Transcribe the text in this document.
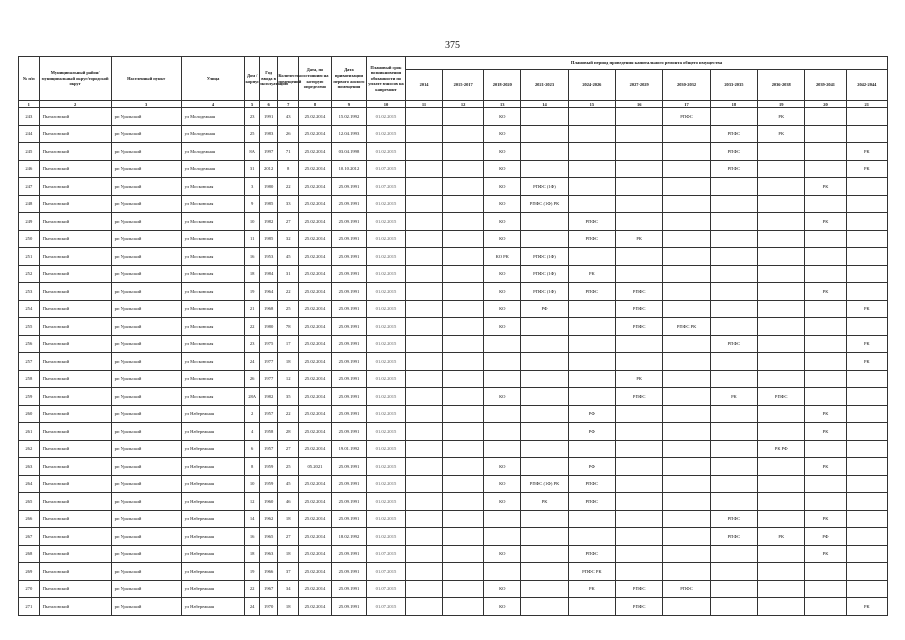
375
№ п/п	Муниципальный район/ муниципальный округ/городской округ	Населенный пункт	Улица	Дом / корпус	Год ввода в эксплуатацию	Количество помещений	Дата, по состоянию на которую определено	Дата приватизации первого жилого помещения	Плановый срок возникновения обязанности по уплате взносов на капремонт	Плановый период проведения капитального ремонта общего имущества										
										2014	2015-2017	2018-2020	2021-2023	2024-2026	2027-2029	2030-2032	2033-2035	2036-2038	2039-2041	2042-2044
1	2	3	4	5	6	7	8	9	10	11	12	13	14	15	16	17	18	19	20	21
243	Пыталовский	рп Уральский	ул Молодежная	23	1991	43	25.02.2014	15.02.1992	01.02.2015			КО				РПФС		РК		
244	Пыталовский	рп Уральский	ул Молодежная	25	1983	26	25.02.2014	12.04.1993	01.02.2015			КО					РПФС	РК		
245	Пыталовский	рп Уральский	ул Молодежная	8А	1997	71	25.02.2014	03.04.1998	01.02.2015			КО					РПФС			РК
246	Пыталовский	рп Уральский	ул Молодежная	31	2012	8	25.02.2014	10.10.2012	01.07.2015			КО					РПФС			РК
247	Пыталовский	рп Уральский	ул Московская	3	1980	22	25.02.2014	25.09.1991	01.07.2015			КО	РПФС (1Ф)						РК	
248	Пыталовский	рп Уральский	ул Московская	9	1985	33	25.02.2014	25.09.1991	01.02.2015			КО	РПФС (1Ф) РК							
249	Пыталовский	рп Уральский	ул Московская	10	1982	27	25.02.2014	25.09.1991	01.02.2015			КО		РПФС					РК	
250	Пыталовский	рп Уральский	ул Московская	11	1985	32	25.02.2014	25.09.1991	01.02.2015			КО		РПФС	РК					
251	Пыталовский	рп Уральский	ул Московская	16	1953	45	25.02.2014	25.09.1991	01.02.2015			КО РК	РПФС (1Ф)							
252	Пыталовский	рп Уральский	ул Московская	18	1984	31	25.02.2014	25.09.1991	01.02.2015			КО	РПФС (1Ф)	РК						
253	Пыталовский	рп Уральский	ул Московская	19	1964	22	25.02.2014	25.09.1991	01.02.2015			КО	РПФС (1Ф)	РПФС	РПФС				РК	
254	Пыталовский	рп Уральский	ул Московская	21	1968	25	25.02.2014	25.09.1991	01.02.2015			КО	РФ		РПФС					РК
255	Пыталовский	рп Уральский	ул Московская	22	1980	78	25.02.2014	25.09.1991	01.02.2015			КО			РПФС	РПФС РК				
256	Пыталовский	рп Уральский	ул Московская	23	1975	17	25.02.2014	25.09.1991	01.02.2015								РПФС			РК
257	Пыталовский	рп Уральский	ул Московская	24	1977	18	25.02.2014	25.09.1991	01.02.2015											РК
258	Пыталовский	рп Уральский	ул Московская	26	1977	12	25.02.2014	25.09.1991	01.02.2015						РК					
259	Пыталовский	рп Уральский	ул Московская	28А	1982	35	25.02.2014	25.09.1991	01.02.2015			КО			РПФС		РК	РПФС		
260	Пыталовский	рп Уральский	ул Набережная	2	1957	22	25.02.2014	25.09.1991	01.02.2015					РФ					РК	
261	Пыталовский	рп Уральский	ул Набережная	4	1958	28	25.02.2014	25.09.1991	01.02.2015					РФ					РК	
262	Пыталовский	рп Уральский	ул Набережная	6	1957	27	25.02.2014	19.01.1992	01.02.2015									РК РФ		
263	Пыталовский	рп Уральский	ул Набережная	8	1959	25	05.2021	25.09.1991	01.02.2015			КО		РФ					РК	
264	Пыталовский	рп Уральский	ул Набережная	10	1959	45	25.02.2014	25.09.1991	01.02.2015			КО	РПФС (1Ф) РК	РПФС						
265	Пыталовский	рп Уральский	ул Набережная	12	1960	46	25.02.2014	25.09.1991	01.02.2015			КО	РК	РПФС						
266	Пыталовский	рп Уральский	ул Набережная	14	1962	18	25.02.2014	25.09.1991	01.02.2015								РПФС		РК	
267	Пыталовский	рп Уральский	ул Набережная	16	1965	27	25.02.2014	18.02.1992	01.02.2015								РПФС	РК	РФ	
268	Пыталовский	рп Уральский	ул Набережная	18	1963	18	25.02.2014	25.09.1991	01.07.2015			КО		РПФС					РК	
269	Пыталовский	рп Уральский	ул Набережная	19	1966	37	25.02.2014	25.09.1991	01.07.2015					РПФС РК						
270	Пыталовский	рп Уральский	ул Набережная	22	1967	34	25.02.2014	25.09.1991	01.07.2015			КО		РК	РПФС	РПФС				
271	Пыталовский	рп Уральский	ул Набережная	24	1970	18	25.02.2014	25.09.1991	01.07.2015			КО			РПФС					РК
